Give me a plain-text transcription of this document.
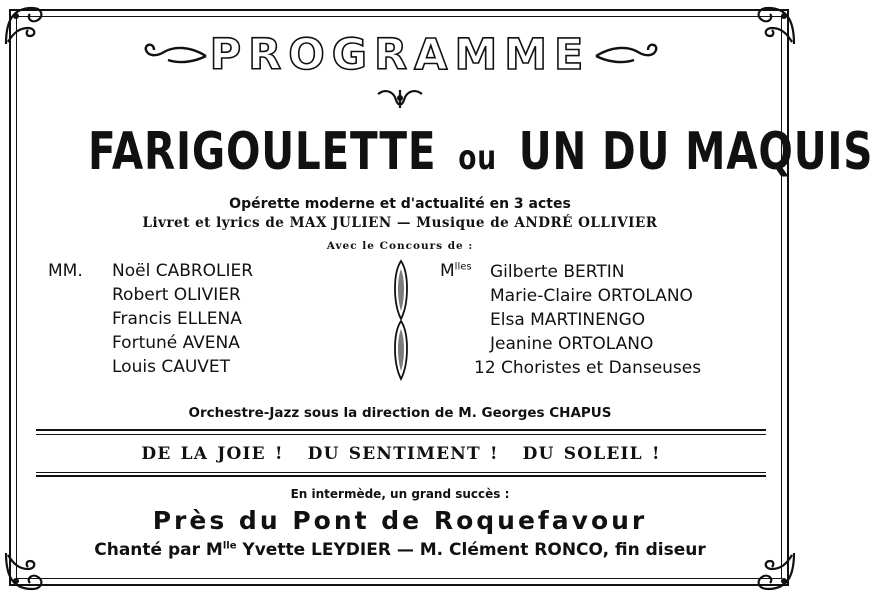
PROGRAMME
FARIGOULETTE ou UN DU MAQUIS
Opérette moderne et d'actualité en 3 actes
Livret et lyrics de MAX JULIEN — Musique de ANDRÉ OLLIVIER
Avec le Concours de :
MM. Noël CABROLIER
Robert OLIVIER
Francis ELLENA
Fortuné AVENA
Louis CAUVET
$M^{lles}$ Gilberte BERTIN
Marie-Claire ORTOLANO
Elsa MARTINENGO
Jeanine ORTOLANO
12 Choristes et Danseuses
Orchestre-Jazz sous la direction de M. Georges CHAPUS
DE LA JOIE ! DU SENTIMENT ! DU SOLEIL !
En intermède, un grand succès :
Près du Pont de Roquefavour
Chanté par $M^{lle}$ Yvette LEYDIER — M. Clément RONCO, fin diseur
